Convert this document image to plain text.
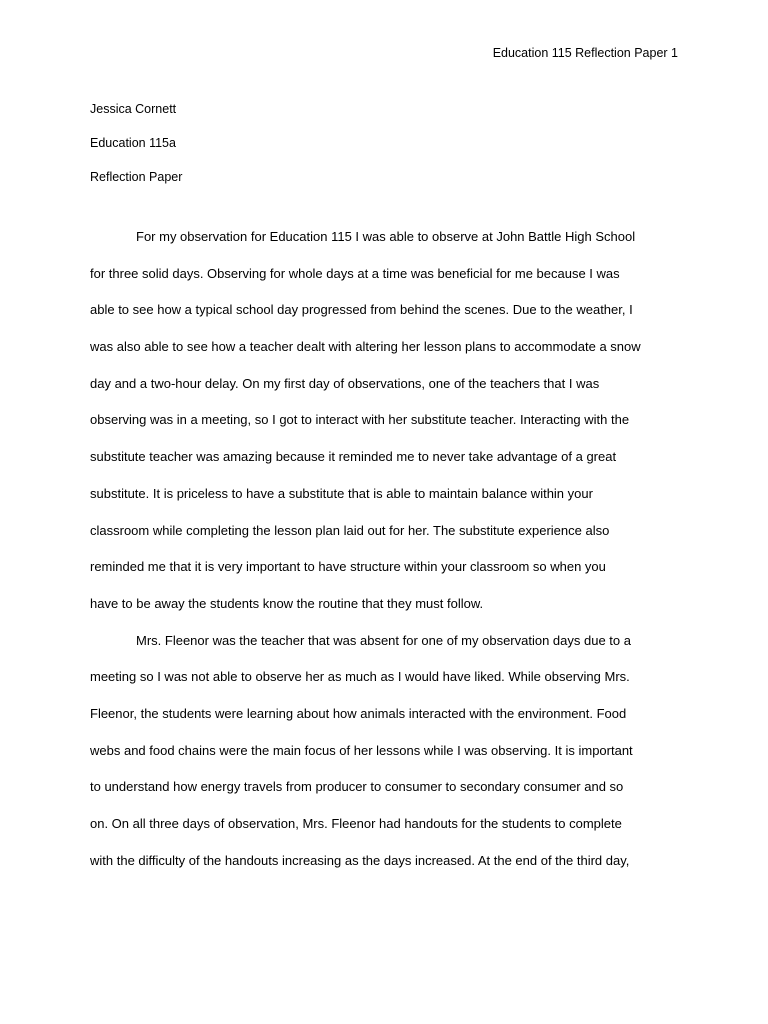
Education 115 Reflection Paper 1
Jessica Cornett
Education 115a
Reflection Paper
For my observation for Education 115 I was able to observe at John Battle High School
for three solid days. Observing for whole days at a time was beneficial for me because I was
able to see how a typical school day progressed from behind the scenes. Due to the weather, I
was also able to see how a teacher dealt with altering her lesson plans to accommodate a snow
day and a two-hour delay. On my first day of observations, one of the teachers that I was
observing was in a meeting, so I got to interact with her substitute teacher. Interacting with the
substitute teacher was amazing because it reminded me to never take advantage of a great
substitute. It is priceless to have a substitute that is able to maintain balance within your
classroom while completing the lesson plan laid out for her. The substitute experience also
reminded me that it is very important to have structure within your classroom so when you
have to be away the students know the routine that they must follow.
Mrs. Fleenor was the teacher that was absent for one of my observation days due to a
meeting so I was not able to observe her as much as I would have liked. While observing Mrs.
Fleenor, the students were learning about how animals interacted with the environment. Food
webs and food chains were the main focus of her lessons while I was observing. It is important
to understand how energy travels from producer to consumer to secondary consumer and so
on. On all three days of observation, Mrs. Fleenor had handouts for the students to complete
with the difficulty of the handouts increasing as the days increased. At the end of the third day,
